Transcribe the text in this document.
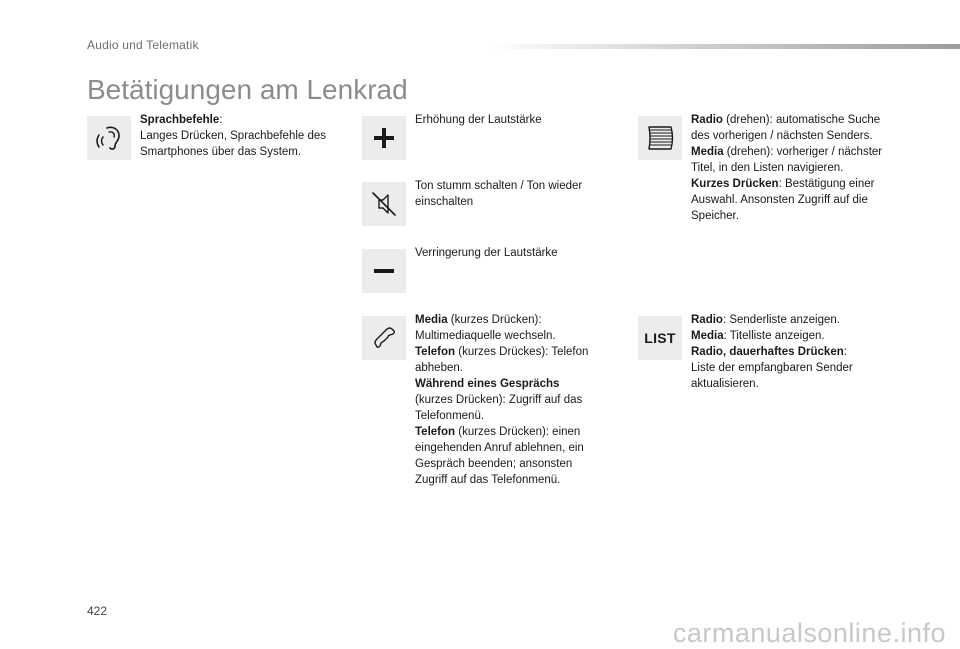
Audio und Telematik
Betätigungen am Lenkrad
Sprachbefehle:
Langes Drücken, Sprachbefehle des
Smartphones über das System.
Erhöhung der Lautstärke
Ton stumm schalten / Ton wieder
einschalten
Verringerung der Lautstärke
Media (kurzes Drücken):
Multimediaquelle wechseln.
Telefon (kurzes Drückes): Telefon
abheben.
Während eines Gesprächs
(kurzes Drücken): Zugriff auf das
Telefonmenü.
Telefon (kurzes Drücken): einen
eingehenden Anruf ablehnen, ein
Gespräch beenden; ansonsten
Zugriff auf das Telefonmenü.
Radio (drehen): automatische Suche
des vorherigen / nächsten Senders.
Media (drehen): vorheriger / nächster
Titel, in den Listen navigieren.
Kurzes Drücken: Bestätigung einer
Auswahl. Ansonsten Zugriff auf die
Speicher.
LIST
Radio: Senderliste anzeigen.
Media: Titelliste anzeigen.
Radio, dauerhaftes Drücken:
Liste der empfangbaren Sender
aktualisieren.
422
carmanualsonline.info
